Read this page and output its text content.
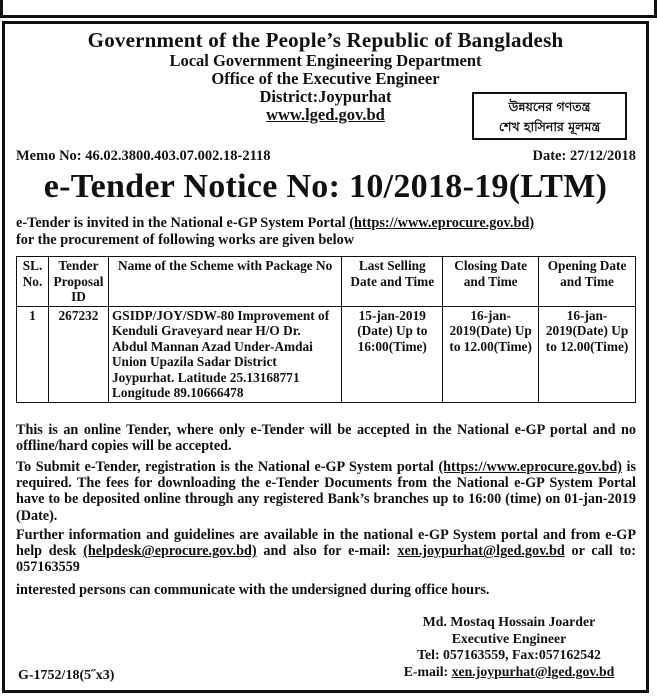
Government of the People’s Republic of Bangladesh
Local Government Engineering Department
Office of the Executive Engineer
District:Joypurhat
www.lged.gov.bd	উন্নয়নের গণতন্ত্র
শেখ হাসিনার মূলমন্ত্র
Memo No: 46.02.3800.403.07.002.18-2118	Date: 27/12/2018
e-Tender Notice No: 10/2018-19(LTM)
e-Tender is invited in the National e-GP System Portal (https://www.eprocure.gov.bd)
for the procurement of following works are given below
SL. No.	Tender Proposal ID	Name of the Scheme with Package No	Last Selling Date and Time	Closing Date and Time	Opening Date and Time
1	267232	GSIDP/JOY/SDW-80 Improvement of Kenduli Graveyard near H/O Dr. Abdul Mannan Azad Under-Amdai Union Upazila Sadar District Joypurhat. Latitude 25.13168771 Longitude 89.10666478	15-jan-2019 (Date) Up to 16:00(Time)	16-jan-2019(Date) Up to 12.00(Time)	16-jan-2019(Date) Up to 12.00(Time)
This is an online Tender, where only e-Tender will be accepted in the National e-GP portal and no offline/hard copies will be accepted.
To Submit e-Tender, registration is the National e-GP System portal (https://www.eprocure.gov.bd) is required. The fees for downloading the e-Tender Documents from the National e-GP System Portal have to be deposited online through any registered Bank’s branches up to 16:00 (time) on 01-jan-2019 (Date).
Further information and guidelines are available in the national e-GP System portal and from e-GP help desk (helpdesk@eprocure.gov.bd) and also for e-mail: xen.joypurhat@lged.gov.bd or call to: 057163559
interested persons can communicate with the undersigned during office hours.
Md. Mostaq Hossain Joarder
Executive Engineer
Tel: 057163559, Fax:057162542
E-mail: xen.joypurhat@lged.gov.bd
G-1752/18(5˝x3)
